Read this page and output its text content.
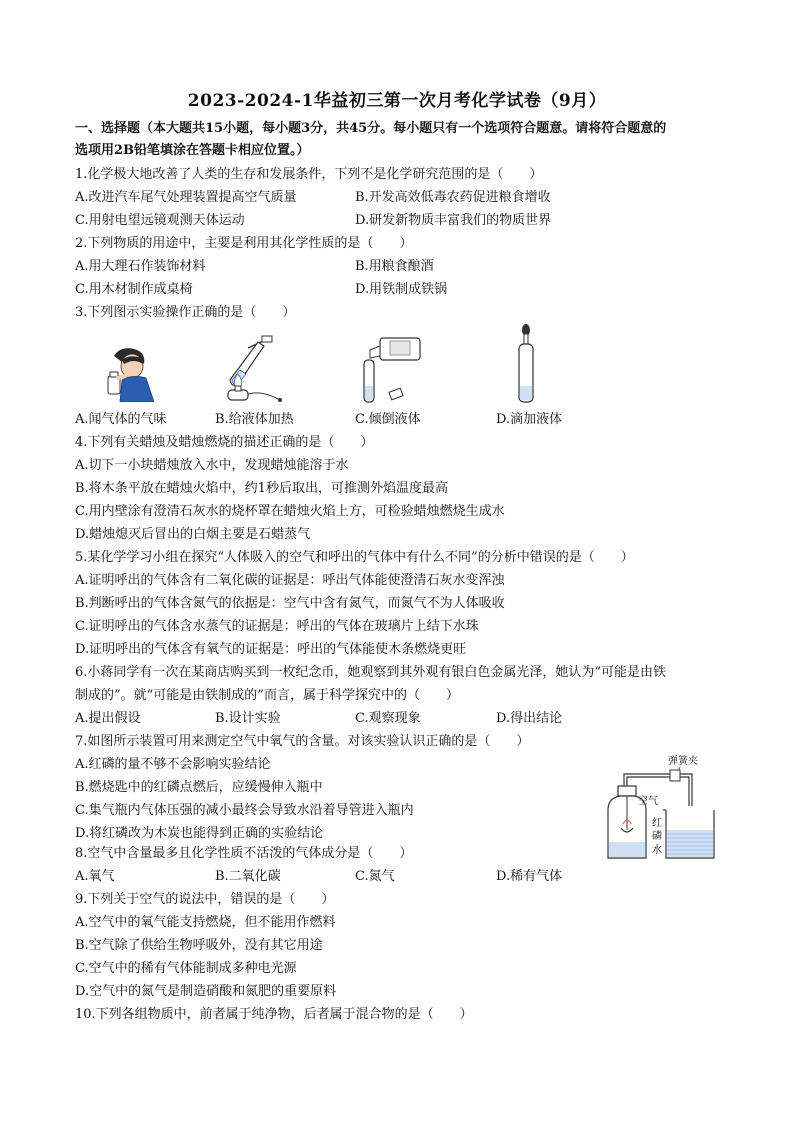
2023-2024-1华益初三第一次月考化学试卷（9月）
一、选择题（本大题共15小题，每小题3分，共45分。每小题只有一个选项符合题意。请将符合题意的
选项用2B铅笔填涂在答题卡相应位置。）
1.化学极大地改善了人类的生存和发展条件，下列不是化学研究范围的是（　　）
A.改进汽车尾气处理装置提高空气质量	B.开发高效低毒农药促进粮食增收
C.用射电望远镜观测天体运动	D.研发新物质丰富我们的物质世界
2.下列物质的用途中，主要是利用其化学性质的是（　　）
A.用大理石作装饰材料	B.用粮食酿酒
C.用木材制作成桌椅	D.用铁制成铁锅
3.下列图示实验操作正确的是（　　）
A.闻气体的气味	B.给液体加热	C.倾倒液体	D.滴加液体
4.下列有关蜡烛及蜡烛燃烧的描述正确的是（　　）
A.切下一小块蜡烛放入水中，发现蜡烛能溶于水
B.将木条平放在蜡烛火焰中，约1秒后取出，可推测外焰温度最高
C.用内壁涂有澄清石灰水的烧杯罩在蜡烛火焰上方，可检验蜡烛燃烧生成水
D.蜡烛熄灭后冒出的白烟主要是石蜡蒸气
5.某化学学习小组在探究“人体吸入的空气和呼出的气体中有什么不同”的分析中错误的是（　　）
A.证明呼出的气体含有二氧化碳的证据是：呼出气体能使澄清石灰水变浑浊
B.判断呼出的气体含氮气的依据是：空气中含有氮气，而氮气不为人体吸收
C.证明呼出的气体含水蒸气的证据是：呼出的气体在玻璃片上结下水珠
D.证明呼出的气体含有氧气的证据是：呼出的气体能使木条燃烧更旺
6.小蒋同学有一次在某商店购买到一枚纪念币，她观察到其外观有银白色金属光泽，她认为“可能是由铁
制成的”。就“可能是由铁制成的”而言，属于科学探究中的（　　）
A.提出假设	B.设计实验	C.观察现象	D.得出结论
7.如图所示装置可用来测定空气中氧气的含量。对该实验认识正确的是（　　）
A.红磷的量不够不会影响实验结论
B.燃烧匙中的红磷点燃后，应缓慢伸入瓶中
C.集气瓶内气体压强的减小最终会导致水沿着导管进入瓶内
D.将红磷改为木炭也能得到正确的实验结论
弹簧夹
空气
红
磷
水
8.空气中含量最多且化学性质不活泼的气体成分是（　　）
A.氧气	B.二氧化碳	C.氮气	D.稀有气体
9.下列关于空气的说法中，错误的是（　　）
A.空气中的氧气能支持燃烧，但不能用作燃料
B.空气除了供给生物呼吸外，没有其它用途
C.空气中的稀有气体能制成多种电光源
D.空气中的氮气是制造硝酸和氮肥的重要原料
10.下列各组物质中，前者属于纯净物，后者属于混合物的是（　　）
